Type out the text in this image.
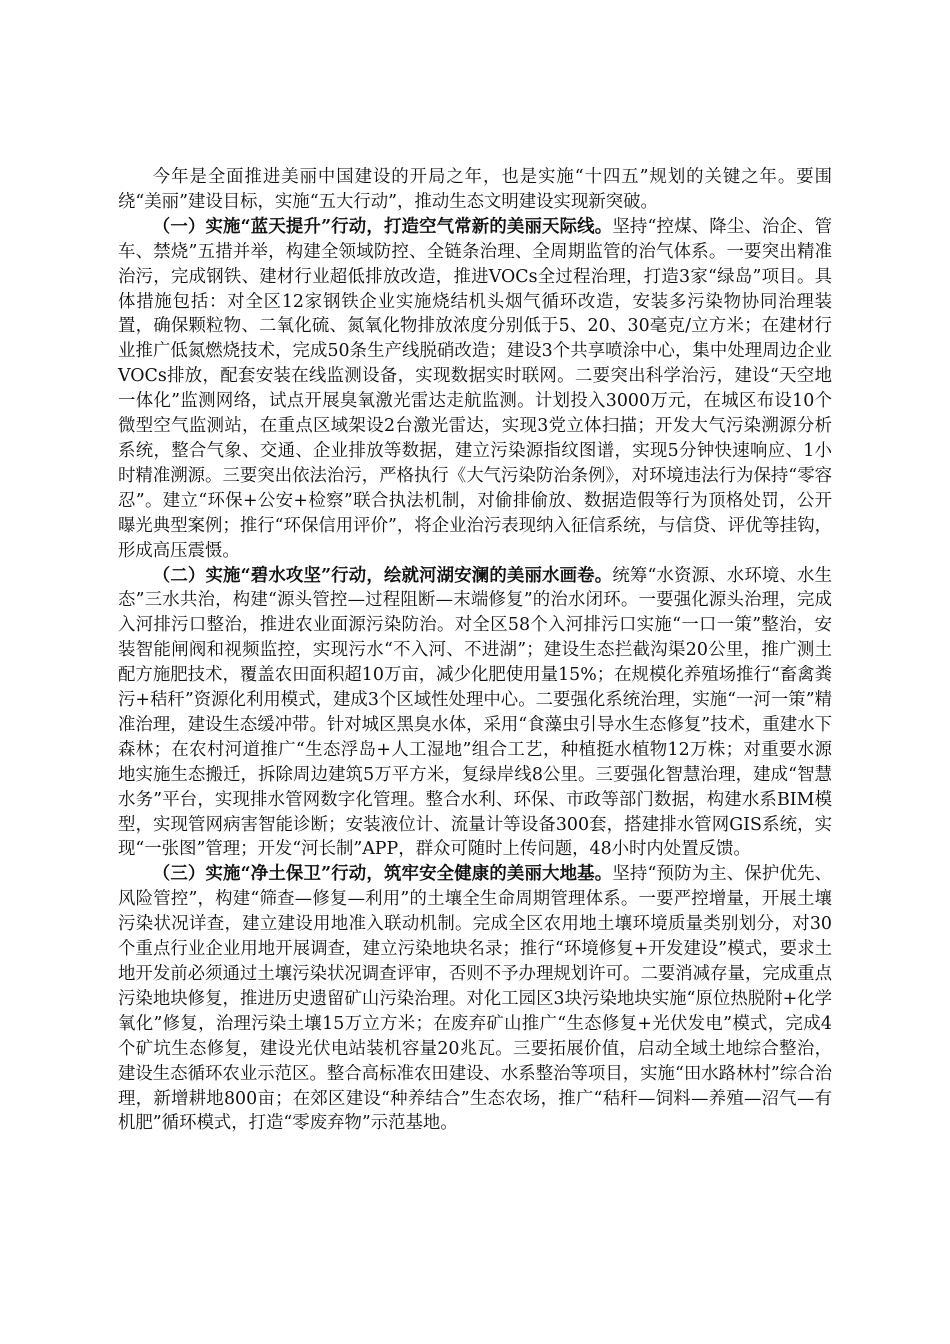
今年是全面推进美丽中国建设的开局之年，也是实施“十四五”规划的关键之年。要围绕“美丽”建设目标，实施“五大行动”，推动生态文明建设实现新突破。

（一）实施“蓝天提升”行动，打造空气常新的美丽天际线。坚持“控煤、降尘、治企、管车、禁烧”五措并举，构建全领域防控、全链条治理、全周期监管的治气体系。一要突出精准治污，完成钢铁、建材行业超低排放改造，推进VOCs全过程治理，打造3家“绿岛”项目。具体措施包括：对全区12家钢铁企业实施烧结机头烟气循环改造，安装多污染物协同治理装置，确保颗粒物、二氧化硫、氮氧化物排放浓度分别低于5、20、30毫克/立方米；在建材行业推广低氮燃烧技术，完成50条生产线脱硝改造；建设3个共享喷涂中心，集中处理周边企业VOCs排放，配套安装在线监测设备，实现数据实时联网。二要突出科学治污，建设“天空地一体化”监测网络，试点开展臭氧激光雷达走航监测。计划投入3000万元，在城区布设10个微型空气监测站，在重点区域架设2台激光雷达，实现3党立体扫描；开发大气污染溯源分析系统，整合气象、交通、企业排放等数据，建立污染源指纹图谱，实现5分钟快速响应、1小时精准溯源。三要突出依法治污，严格执行《大气污染防治条例》，对环境违法行为保持“零容忍”。建立“环保+公安+检察”联合执法机制，对偷排偷放、数据造假等行为顶格处罚，公开曝光典型案例；推行“环保信用评价”，将企业治污表现纳入征信系统，与信贷、评优等挂钩，形成高压震慑。

（二）实施“碧水攻坚”行动，绘就河湖安澜的美丽水画卷。统筹“水资源、水环境、水生态”三水共治，构建“源头管控—过程阻断—末端修复”的治水闭环。一要强化源头治理，完成入河排污口整治，推进农业面源污染防治。对全区58个入河排污口实施“一口一策”整治，安装智能闸阀和视频监控，实现污水“不入河、不进湖”；建设生态拦截沟渠20公里，推广测土配方施肥技术，覆盖农田面积超10万亩，减少化肥使用量15%；在规模化养殖场推行“畜禽粪污+秸秆”资源化利用模式，建成3个区域性处理中心。二要强化系统治理，实施“一河一策”精准治理，建设生态缓冲带。针对城区黑臭水体，采用“食藻虫引导水生态修复”技术，重建水下森林；在农村河道推广“生态浮岛+人工湿地”组合工艺，种植挺水植物12万株；对重要水源地实施生态搬迁，拆除周边建筑5万平方米，复绿岸线8公里。三要强化智慧治理，建成“智慧水务”平台，实现排水管网数字化管理。整合水利、环保、市政等部门数据，构建水系BIM模型，实现管网病害智能诊断；安装液位计、流量计等设备300套，搭建排水管网GIS系统，实现“一张图”管理；开发“河长制”APP，群众可随时上传问题，48小时内处置反馈。

（三）实施“净土保卫”行动，筑牢安全健康的美丽大地基。坚持“预防为主、保护优先、风险管控”，构建“筛查—修复—利用”的土壤全生命周期管理体系。一要严控增量，开展土壤污染状况详查，建立建设用地准入联动机制。完成全区农用地土壤环境质量类别划分，对30个重点行业企业用地开展调查，建立污染地块名录；推行“环境修复+开发建设”模式，要求土地开发前必须通过土壤污染状况调查评审，否则不予办理规划许可。二要消减存量，完成重点污染地块修复，推进历史遗留矿山污染治理。对化工园区3块污染地块实施“原位热脱附+化学氧化”修复，治理污染土壤15万立方米；在废弃矿山推广“生态修复+光伏发电”模式，完成4个矿坑生态修复，建设光伏电站装机容量20兆瓦。三要拓展价值，启动全域土地综合整治，建设生态循环农业示范区。整合高标准农田建设、水系整治等项目，实施“田水路林村”综合治理，新增耕地800亩；在郊区建设“种养结合”生态农场，推广“秸秆—饲料—养殖—沼气—有机肥”循环模式，打造“零废弃物”示范基地。
